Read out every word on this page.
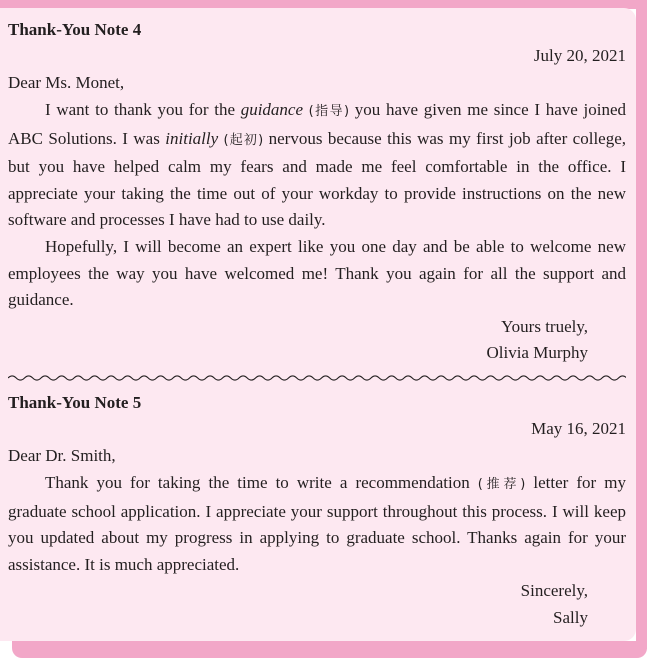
Thank-You Note 4
July 20, 2021
Dear Ms. Monet,

I want to thank you for the guidance (指导) you have given me since I have joined ABC Solutions. I was initially (起初) nervous because this was my first job after college, but you have helped calm my fears and made me feel comfortable in the office. I appreciate your taking the time out of your workday to provide instructions on the new software and processes I have had to use daily.

Hopefully, I will become an expert like you one day and be able to welcome new employees the way you have welcomed me! Thank you again for all the support and guidance.

Yours truely,
Olivia Murphy
Thank-You Note 5
May 16, 2021
Dear Dr. Smith,

Thank you for taking the time to write a recommendation (推荐) letter for my graduate school application. I appreciate your support throughout this process. I will keep you updated about my progress in applying to graduate school. Thanks again for your assistance. It is much appreciated.

Sincerely,
Sally
